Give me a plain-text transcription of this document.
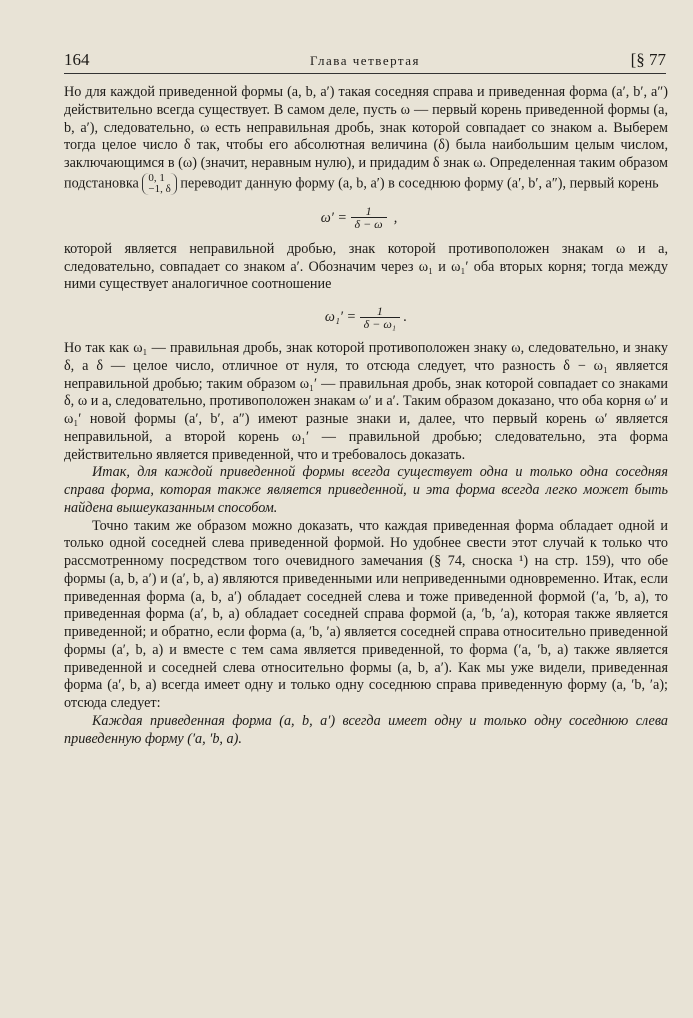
164	Глава четвертая	[§ 77

Но для каждой приведенной формы (a, b, a′) такая соседняя справа и приведенная форма (a′, b′, a″) действительно всегда существует. В самом деле, пусть ω — первый корень приведенной формы (a, b, a′), следовательно, ω есть неправильная дробь, знак которой совпадает со знаком a. Выберем тогда целое число δ так, чтобы его абсолютная величина (δ) была наибольшим целым числом, заключающимся в (ω) (значит, неравным нулю), и придадим δ знак ω. Определенная таким образом подстановка 0, 1
−1, δ переводит данную форму (a, b, a′) в соседнюю форму (a′, b′, a″), первый корень

ω′ =
$\frac{1}{\delta - \omega}$
,

которой является неправильной дробью, знак которой противоположен знакам ω и a, следовательно, совпадает со знаком a′. Обозначим через ω₁ и ω₁′ оба вторых корня; тогда между ними существует аналогичное соотношение

ω₁′ =
$\frac{1}{\text{δ − ω₁}}$
.

Но так как ω₁ — правильная дробь, знак которой противоположен знаку ω, следовательно, и знаку δ, а δ — целое число, отличное от нуля, то отсюда следует, что разность δ − ω₁ является неправильной дробью; таким образом ω₁′ — правильная дробь, знак которой совпадает со знаками δ, ω и a, следовательно, противоположен знакам ω′ и a′. Таким образом доказано, что оба корня ω′ и ω₁′ новой формы (a′, b′, a″) имеют разные знаки и, далее, что первый корень ω′ является неправильной, а второй корень ω₁′ — правильной дробью; следовательно, эта форма действительно является приведенной, что и требовалось доказать.

Итак, для каждой приведенной формы всегда существует одна и только одна соседняя справа форма, которая также является приведенной, и эта форма всегда легко может быть найдена вышеуказанным способом.

Точно таким же образом можно доказать, что каждая приведенная форма обладает одной и только одной соседней слева приведенной формой. Но удобнее свести этот случай к только что рассмотренному посредством того очевидного замечания (§ 74, сноска ¹) на стр. 159), что обе формы (a, b, a′) и (a′, b, a) являются приведенными или неприведенными одновременно. Итак, если приведенная форма (a, b, a′) обладает соседней слева и тоже приведенной формой (′a, ′b, a), то приведенная форма (a′, b, a) обладает соседней справа формой (a, ′b, ′a), которая также является приведенной; и обратно, если форма (a, ′b, ′a) является соседней справа относительно приведенной формы (a′, b, a) и вместе с тем сама является приведенной, то форма (′a, ′b, a) также является приведенной и соседней слева относительно формы (a, b, a′). Как мы уже видели, приведенная форма (a′, b, a) всегда имеет одну и только одну соседнюю справа приведенную форму (a, ′b, ′a); отсюда следует:

Каждая приведенная форма (a, b, a′) всегда имеет одну и только одну соседнюю слева приведенную форму (′a, ′b, a).
